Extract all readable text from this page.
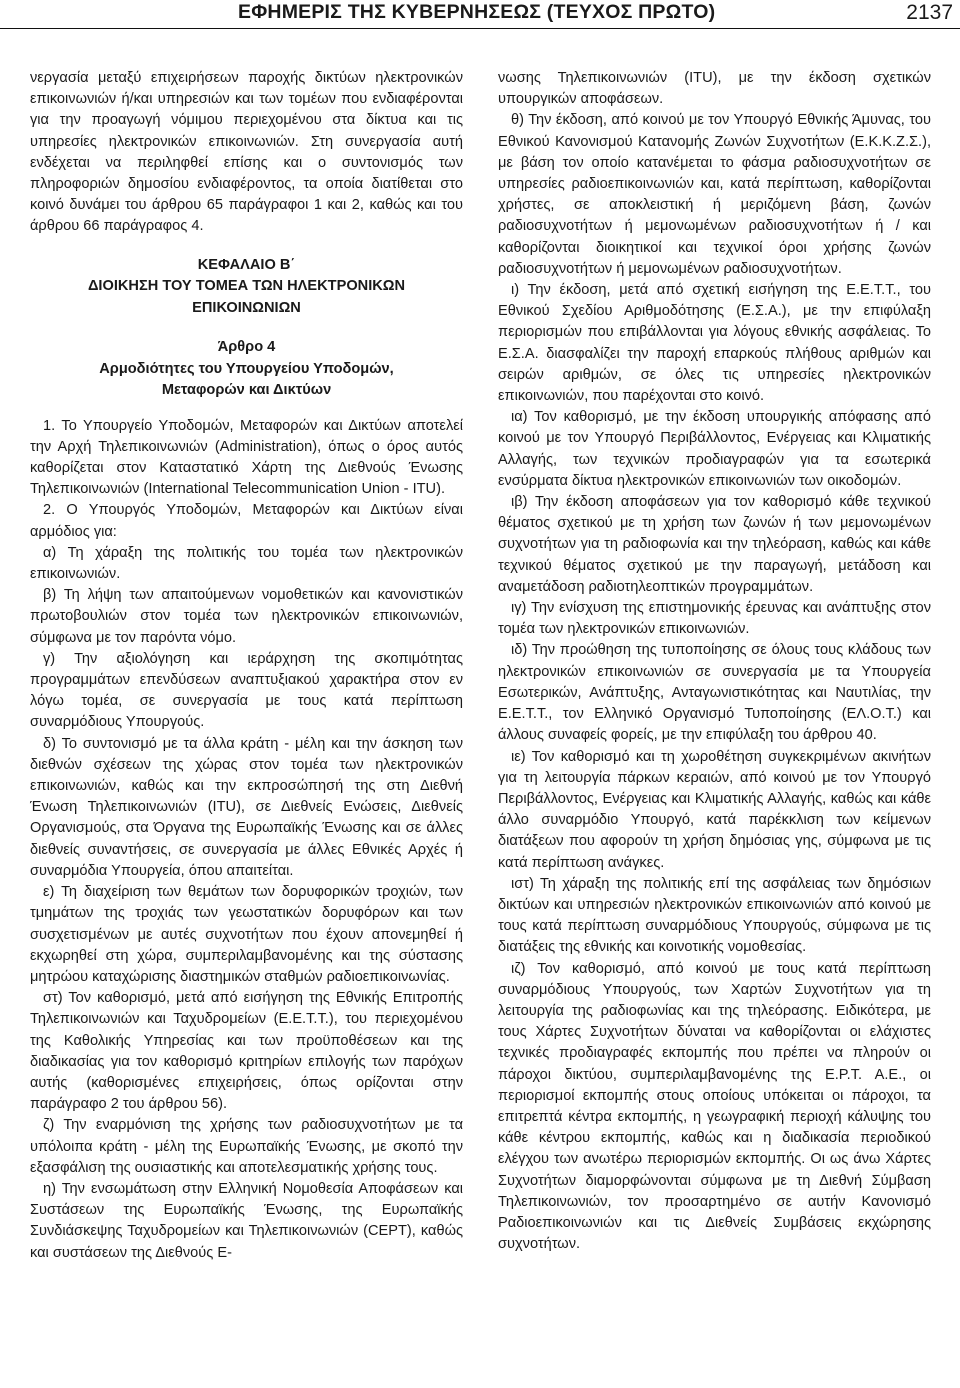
ΕΦΗΜΕΡΙΣ ΤΗΣ ΚΥΒΕΡΝΗΣΕΩΣ (ΤΕΥΧΟΣ ΠΡΩΤΟ)	2137

νεργασία μεταξύ επιχειρήσεων παροχής δικτύων ηλεκτρονικών επικοινωνιών ή/και υπηρεσιών και των τομέων που ενδιαφέρονται για την προαγωγή νόμιμου περιεχομένου στα δίκτυα και τις υπηρεσίες ηλεκτρονικών επικοινωνιών. Στη συνεργασία αυτή ενδέχεται να περιληφθεί επίσης και ο συντονισμός των πληροφοριών δημοσίου ενδιαφέροντος, τα οποία διατίθεται στο κοινό δυνάμει του άρθρου 65 παράγραφοι 1 και 2, καθώς και του άρθρου 66 παράγραφος 4.

ΚΕΦΑΛΑΙΟ Β΄
ΔΙΟΙΚΗΣΗ ΤΟΥ ΤΟΜΕΑ ΤΩΝ ΗΛΕΚΤΡΟΝΙΚΩΝ
ΕΠΙΚΟΙΝΩΝΙΩΝ
Άρθρο 4
Αρμοδιότητες του Υπουργείου Υποδομών,
Μεταφορών και Δικτύων

1. Το Υπουργείο Υποδομών, Μεταφορών και Δικτύων αποτελεί την Αρχή Τηλεπικοινωνιών (Administration), όπως ο όρος αυτός καθορίζεται στον Καταστατικό Χάρτη της Διεθνούς Ένωσης Τηλεπικοινωνιών (International Telecommunication Union - ITU).

2. Ο Υπουργός Υποδομών, Μεταφορών και Δικτύων είναι αρμόδιος για:

α) Τη χάραξη της πολιτικής του τομέα των ηλεκτρονικών επικοινωνιών.

β) Τη λήψη των απαιτούμενων νομοθετικών και κανονιστικών πρωτοβουλιών στον τομέα των ηλεκτρονικών επικοινωνιών, σύμφωνα με τον παρόντα νόμο.

γ) Την αξιολόγηση και ιεράρχηση της σκοπιμότητας προγραμμάτων επενδύσεων αναπτυξιακού χαρακτήρα στον εν λόγω τομέα, σε συνεργασία με τους κατά περίπτωση συναρμόδιους Υπουργούς.

δ) Το συντονισμό με τα άλλα κράτη - μέλη και την άσκηση των διεθνών σχέσεων της χώρας στον τομέα των ηλεκτρονικών επικοινωνιών, καθώς και την εκπροσώπησή της στη Διεθνή Ένωση Τηλεπικοινωνιών (ITU), σε Διεθνείς Ενώσεις, Διεθνείς Οργανισμούς, στα Όργανα της Ευρωπαϊκής Ένωσης και σε άλλες διεθνείς συναντήσεις, σε συνεργασία με άλλες Εθνικές Αρχές ή συναρμόδια Υπουργεία, όπου απαιτείται.

ε) Τη διαχείριση των θεμάτων των δορυφορικών τροχιών, των τμημάτων της τροχιάς των γεωστατικών δορυφόρων και των συσχετισμένων με αυτές συχνοτήτων που έχουν απονεμηθεί ή εκχωρηθεί στη χώρα, συμπεριλαμβανομένης και της σύστασης μητρώου καταχώρισης διαστημικών σταθμών ραδιοεπικοινωνίας.

στ) Τον καθορισμό, μετά από εισήγηση της Εθνικής Επιτροπής Τηλεπικοινωνιών και Ταχυδρομείων (Ε.Ε.Τ.Τ.), του περιεχομένου της Καθολικής Υπηρεσίας και των προϋποθέσεων και της διαδικασίας για τον καθορισμό κριτηρίων επιλογής των παρόχων αυτής (καθορισμένες επιχειρήσεις, όπως ορίζονται στην παράγραφο 2 του άρθρου 56).

ζ) Την εναρμόνιση της χρήσης των ραδιοσυχνοτήτων με τα υπόλοιπα κράτη - μέλη της Ευρωπαϊκής Ένωσης, με σκοπό την εξασφάλιση της ουσιαστικής και αποτελεσματικής χρήσης τους.

η) Την ενσωμάτωση στην Ελληνική Νομοθεσία Αποφάσεων και Συστάσεων της Ευρωπαϊκής Ένωσης, της Ευρωπαϊκής Συνδιάσκεψης Ταχυδρομείων και Τηλεπικοινωνιών (CEPT), καθώς και συστάσεων της Διεθνούς Ε-

νωσης Τηλεπικοινωνιών (ITU), με την έκδοση σχετικών υπουργικών αποφάσεων.

θ) Την έκδοση, από κοινού με τον Υπουργό Εθνικής Άμυνας, του Εθνικού Κανονισμού Κατανομής Ζωνών Συχνοτήτων (Ε.Κ.Κ.Ζ.Σ.), με βάση τον οποίο κατανέμεται το φάσμα ραδιοσυχνοτήτων σε υπηρεσίες ραδιοεπικοινωνιών και, κατά περίπτωση, καθορίζονται χρήστες, σε αποκλειστική ή μεριζόμενη βάση, ζωνών ραδιοσυχνοτήτων ή μεμονωμένων ραδιοσυχνοτήτων ή / και καθορίζονται διοικητικοί και τεχνικοί όροι χρήσης ζωνών ραδιοσυχνοτήτων ή μεμονωμένων ραδιοσυχνοτήτων.

ι) Την έκδοση, μετά από σχετική εισήγηση της Ε.Ε.Τ.Τ., του Εθνικού Σχεδίου Αριθμοδότησης (Ε.Σ.Α.), με την επιφύλαξη περιορισμών που επιβάλλονται για λόγους εθνικής ασφάλειας. Το Ε.Σ.Α. διασφαλίζει την παροχή επαρκούς πλήθους αριθμών και σειρών αριθμών, σε όλες τις υπηρεσίες ηλεκτρονικών επικοινωνιών, που παρέχονται στο κοινό.

ια) Τον καθορισμό, με την έκδοση υπουργικής απόφασης από κοινού με τον Υπουργό Περιβάλλοντος, Ενέργειας και Κλιματικής Αλλαγής, των τεχνικών προδιαγραφών για τα εσωτερικά ενσύρματα δίκτυα ηλεκτρονικών επικοινωνιών των οικοδομών.

ιβ) Την έκδοση αποφάσεων για τον καθορισμό κάθε τεχνικού θέματος σχετικού με τη χρήση των ζωνών ή των μεμονωμένων συχνοτήτων για τη ραδιοφωνία και την τηλεόραση, καθώς και κάθε τεχνικού θέματος σχετικού με την παραγωγή, μετάδοση και αναμετάδοση ραδιοτηλεοπτικών προγραμμάτων.

ιγ) Την ενίσχυση της επιστημονικής έρευνας και ανάπτυξης στον τομέα των ηλεκτρονικών επικοινωνιών.

ιδ) Την προώθηση της τυποποίησης σε όλους τους κλάδους των ηλεκτρονικών επικοινωνιών σε συνεργασία με τα Υπουργεία Εσωτερικών, Ανάπτυξης, Ανταγωνιστικότητας και Ναυτιλίας, την Ε.Ε.Τ.Τ., τον Ελληνικό Οργανισμό Τυποποίησης (ΕΛ.Ο.Τ.) και άλλους συναφείς φορείς, με την επιφύλαξη του άρθρου 40.

ιε) Τον καθορισμό και τη χωροθέτηση συγκεκριμένων ακινήτων για τη λειτουργία πάρκων κεραιών, από κοινού με τον Υπουργό Περιβάλλοντος, Ενέργειας και Κλιματικής Αλλαγής, καθώς και κάθε άλλο συναρμόδιο Υπουργό, κατά παρέκκλιση των κείμενων διατάξεων που αφορούν τη χρήση δημόσιας γης, σύμφωνα με τις κατά περίπτωση ανάγκες.

ιστ) Τη χάραξη της πολιτικής επί της ασφάλειας των δημόσιων δικτύων και υπηρεσιών ηλεκτρονικών επικοινωνιών από κοινού με τους κατά περίπτωση συναρμόδιους Υπουργούς, σύμφωνα με τις διατάξεις της εθνικής και κοινοτικής νομοθεσίας.

ιζ) Τον καθορισμό, από κοινού με τους κατά περίπτωση συναρμόδιους Υπουργούς, των Χαρτών Συχνοτήτων για τη λειτουργία της ραδιοφωνίας και της τηλεόρασης. Ειδικότερα, με τους Χάρτες Συχνοτήτων δύναται να καθορίζονται οι ελάχιστες τεχνικές προδιαγραφές εκπομπής που πρέπει να πληρούν οι πάροχοι δικτύου, συμπεριλαμβανομένης της Ε.Ρ.Τ. Α.Ε., οι περιορισμοί εκπομπής στους οποίους υπόκειται οι πάροχοι, τα επιτρεπτά κέντρα εκπομπής, η γεωγραφική περιοχή κάλυψης του κάθε κέντρου εκπομπής, καθώς και η διαδικασία περιοδικού ελέγχου των ανωτέρω περιορισμών εκπομπής. Οι ως άνω Χάρτες Συχνοτήτων διαμορφώνονται σύμφωνα με τη Διεθνή Σύμβαση Τηλεπικοινωνιών, τον προσαρτημένο σε αυτήν Κανονισμό Ραδιοεπικοινωνιών και τις Διεθνείς Συμβάσεις εκχώρησης συχνοτήτων.
